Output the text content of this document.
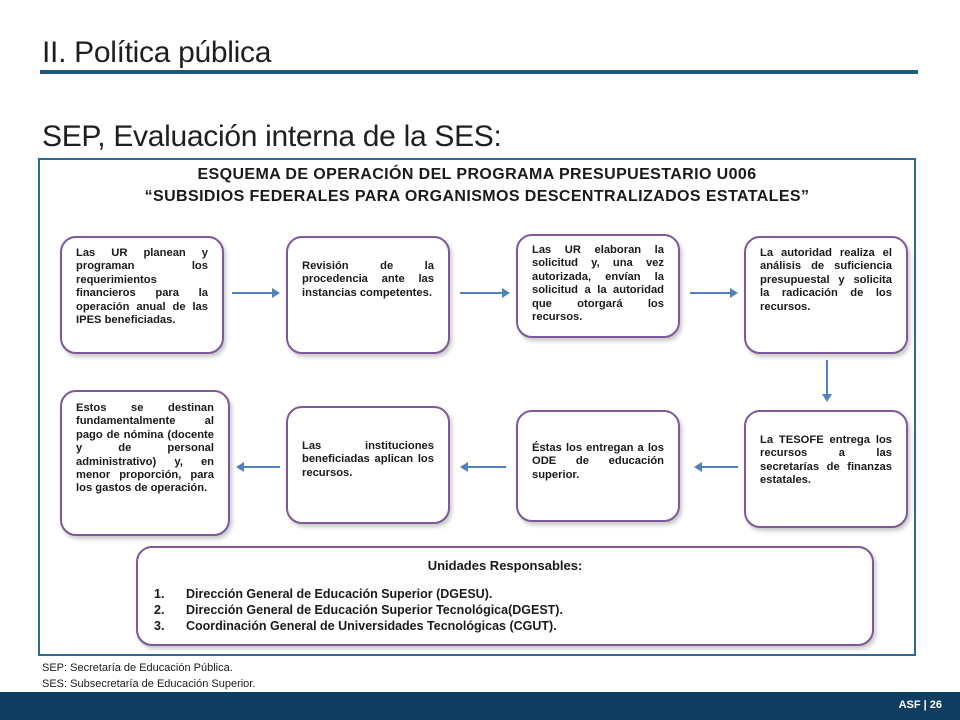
II. Política pública
SEP, Evaluación interna de la SES:
ESQUEMA DE OPERACIÓN DEL PROGRAMA PRESUPUESTARIO U006
“SUBSIDIOS FEDERALES PARA ORGANISMOS DESCENTRALIZADOS ESTATALES”
Las UR planean y programan los requerimientos financieros para la operación anual de las IPES beneficiadas.
Revisión de la procedencia ante las instancias competentes.
Las UR elaboran la solicitud y, una vez autorizada, envían la solicitud a la autoridad que otorgará los recursos.
La autoridad realiza el análisis de suficiencia presupuestal y solicita la radicación de los recursos.
La TESOFE entrega los recursos a las secretarías de finanzas estatales.
Éstas los entregan a los ODE de educación superior.
Las instituciones beneficiadas aplican los recursos.
Estos se destinan fundamentalmente al pago de nómina (docente y de personal administrativo) y, en menor proporción, para los gastos de operación.
Unidades Responsables:
1.	Dirección General de Educación Superior (DGESU).
2.	Dirección General de Educación Superior Tecnológica(DGEST).
3.	Coordinación General de Universidades Tecnológicas (CGUT).
SEP: Secretaría de Educación Pública.
SES: Subsecretaría de Educación Superior.
ASF | 26
